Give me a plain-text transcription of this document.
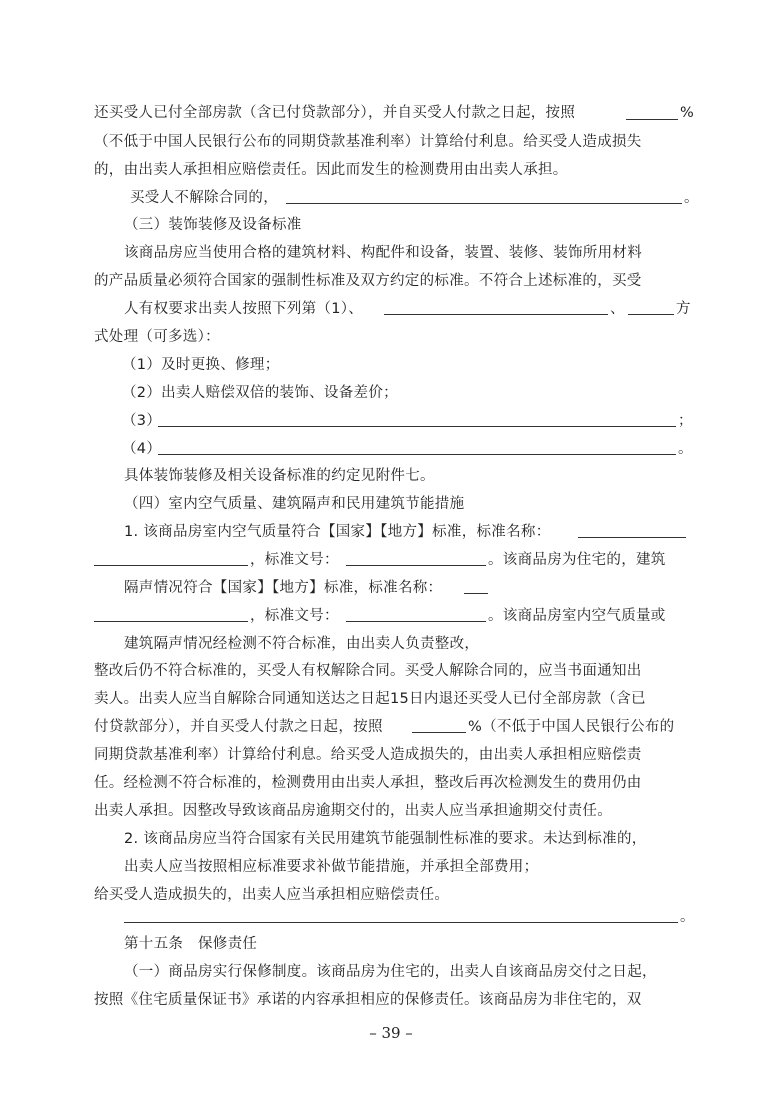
还买受人已付全部房款（含已付贷款部分），并自买受人付款之日起，按照	%
（不低于中国人民银行公布的同期贷款基准利率）计算给付利息。给买受人造成损失
的，由出卖人承担相应赔偿责任。因此而发生的检测费用由出卖人承担。
买受人不解除合同的，	。
（三）装饰装修及设备标准
该商品房应当使用合格的建筑材料、构配件和设备，装置、装修、装饰所用材料
的产品质量必须符合国家的强制性标准及双方约定的标准。不符合上述标准的，买受
人有权要求出卖人按照下列第（1）、	、	方
式处理（可多选）：
（1）及时更换、修理；
（2）出卖人赔偿双倍的装饰、设备差价；
（3）	；
（4）	。
具体装饰装修及相关设备标准的约定见附件七。
（四）室内空气质量、建筑隔声和民用建筑节能措施
1. 该商品房室内空气质量符合【国家】【地方】标准，标准名称：
，标准文号：	。该商品房为住宅的，建筑
隔声情况符合【国家】【地方】标准，标准名称：
，标准文号：	。该商品房室内空气质量或
建筑隔声情况经检测不符合标准，由出卖人负责整改，
整改后仍不符合标准的，买受人有权解除合同。买受人解除合同的，应当书面通知出
卖人。出卖人应当自解除合同通知送达之日起15日内退还买受人已付全部房款（含已
付贷款部分），并自买受人付款之日起，按照	%（不低于中国人民银行公布的
同期贷款基准利率）计算给付利息。给买受人造成损失的，由出卖人承担相应赔偿责
任。经检测不符合标准的，检测费用由出卖人承担，整改后再次检测发生的费用仍由
出卖人承担。因整改导致该商品房逾期交付的，出卖人应当承担逾期交付责任。
2. 该商品房应当符合国家有关民用建筑节能强制性标准的要求。未达到标准的，
出卖人应当按照相应标准要求补做节能措施，并承担全部费用；
给买受人造成损失的，出卖人应当承担相应赔偿责任。
。
第十五条　保修责任
（一）商品房实行保修制度。该商品房为住宅的，出卖人自该商品房交付之日起，
按照《住宅质量保证书》承诺的内容承担相应的保修责任。该商品房为非住宅的，双
– 39 –
